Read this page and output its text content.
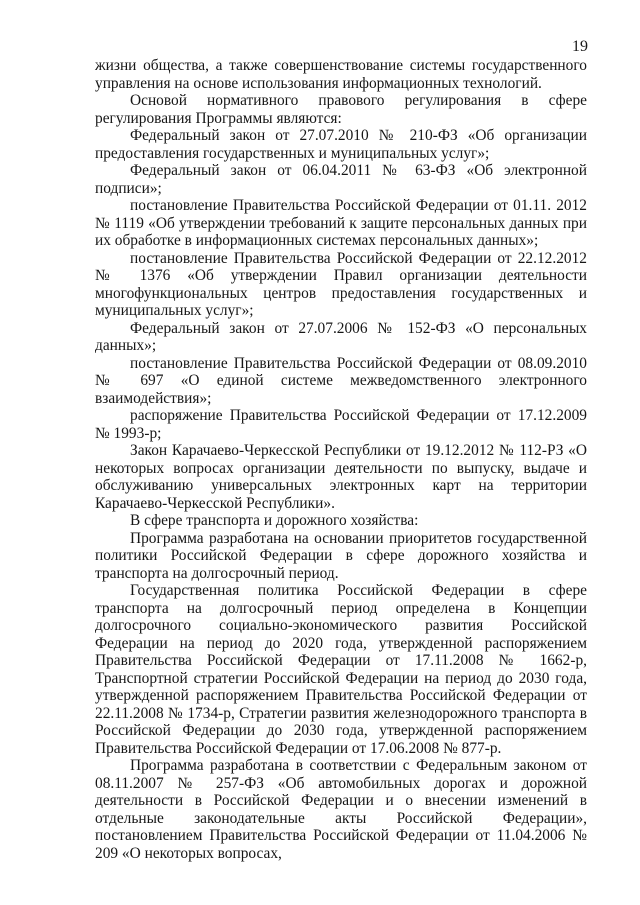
19

жизни общества, а также совершенствование системы государственного управления на основе использования информационных технологий.

Основой нормативного правового регулирования в сфере регулирования Программы являются:

Федеральный закон от 27.07.2010 № 210-ФЗ «Об организации предоставления государственных и муниципальных услуг»;

Федеральный закон от 06.04.2011 № 63-ФЗ «Об электронной подписи»;

постановление Правительства Российской Федерации от 01.11. 2012 № 1119 «Об утверждении требований к защите персональных данных при их обработке в информационных системах персональных данных»;

постановление Правительства Российской Федерации от 22.12.2012 № 1376 «Об утверждении Правил организации деятельности многофункциональных центров предоставления государственных и муниципальных услуг»;

Федеральный закон от 27.07.2006 № 152-ФЗ «О персональных данных»;

постановление Правительства Российской Федерации от 08.09.2010 № 697 «О единой системе межведомственного электронного взаимодействия»;

распоряжение Правительства Российской Федерации от 17.12.2009 № 1993-р;

Закон Карачаево-Черкесской Республики от 19.12.2012 № 112-РЗ «О некоторых вопросах организации деятельности по выпуску, выдаче и обслуживанию универсальных электронных карт на территории Карачаево-Черкесской Республики».

В сфере транспорта и дорожного хозяйства:

Программа разработана на основании приоритетов государственной политики Российской Федерации в сфере дорожного хозяйства и транспорта на долгосрочный период.

Государственная политика Российской Федерации в сфере транспорта на долгосрочный период определена в Концепции долгосрочного социально-экономического развития Российской Федерации на период до 2020 года, утвержденной распоряжением Правительства Российской Федерации от 17.11.2008 № 1662-р, Транспортной стратегии Российской Федерации на период до 2030 года, утвержденной распоряжением Правительства Российской Федерации от 22.11.2008 № 1734-р, Стратегии развития железнодорожного транспорта в Российской Федерации до 2030 года, утвержденной распоряжением Правительства Российской Федерации от 17.06.2008 № 877-р.

Программа разработана в соответствии с Федеральным законом от 08.11.2007 № 257-ФЗ «Об автомобильных дорогах и дорожной деятельности в Российской Федерации и о внесении изменений в отдельные законодательные акты Российской Федерации», постановлением Правительства Российской Федерации от 11.04.2006 № 209 «О некоторых вопросах,
